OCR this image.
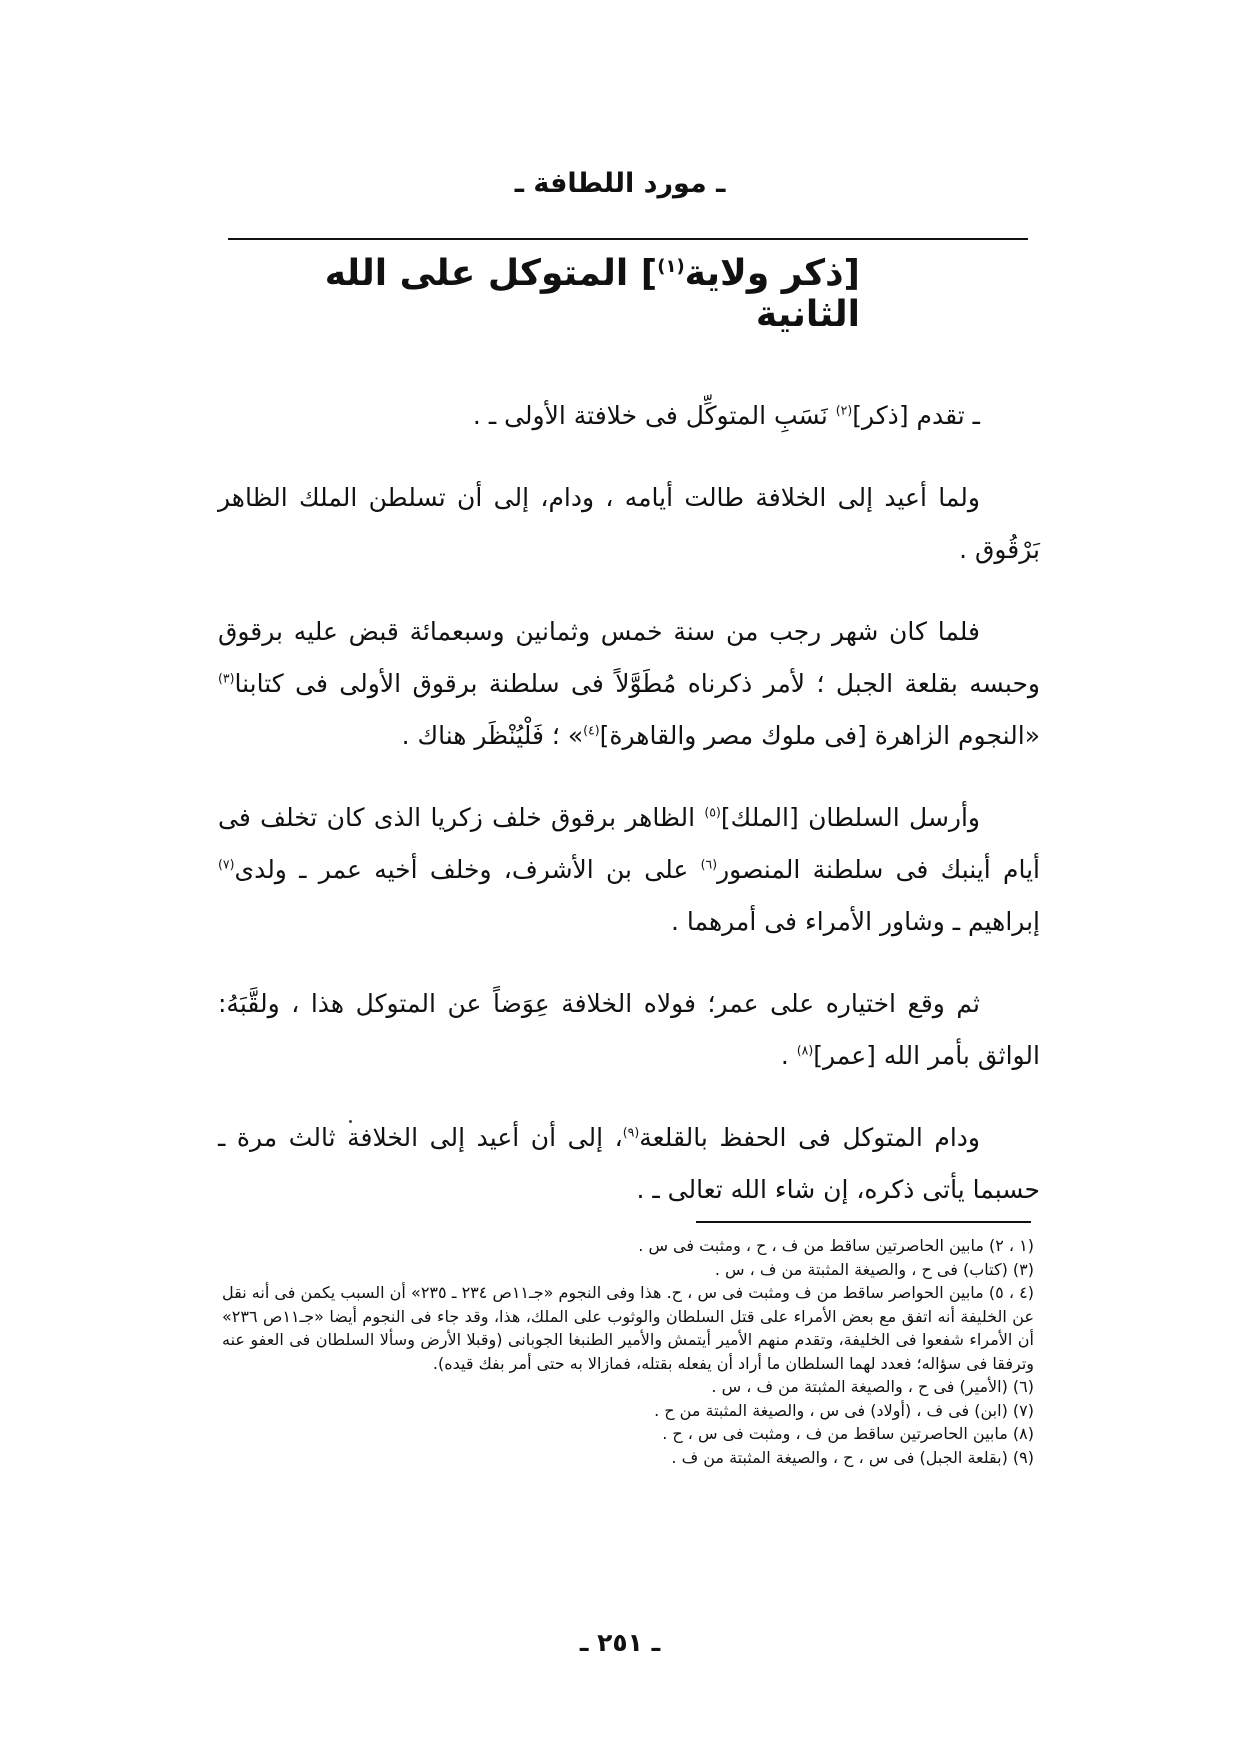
ـ مورد اللطافة ـ
[ذكر ولاية$^{(١)}$] المتوكل على الله الثانية

ـ تقدم [ذكر]$^{(٢)}$ نَسَبِ المتوكِّل فى خلافتة الأولى ـ .

ولما أعيد إلى الخلافة طالت أيامه ، ودام، إلى أن تسلطن الملك الظاهر بَرْقُوق .

فلما كان شهر رجب من سنة خمس وثمانين وسبعمائة قبض عليه برقوق وحبسه بقلعة الجبل ؛ لأمر ذكرناه مُطَوَّلاً فى سلطنة برقوق الأولى فى كتابنا$^{(٣)}$ «النجوم الزاهرة [فى ملوك مصر والقاهرة]$^{(٤)}$» ؛ فَلْيُنْظَر هناك .

وأرسل السلطان [الملك]$^{(٥)}$ الظاهر برقوق خلف زكريا الذى كان تخلف فى أيام أينبك فى سلطنة المنصور$^{(٦)}$ على بن الأشرف، وخلف أخيه عمر ـ ولدى$^{(٧)}$ إبراهيم ـ وشاور الأمراء فى أمرهما .

ثم وقع اختياره على عمر؛ فولاه الخلافة عِوَضاً عن المتوكل هذا ، ولقَّبَهُ: الواثق بأمر الله [عمر]$^{(٨)}$ .

ودام المتوكل فى الحفظ بالقلعة$^{(٩)}$، إلى أن أعيد إلى الخلافة ثالث مرة ـ حسبما يأتى ذكره، إن شاء الله تعالى ـ .

(١ ، ٢) مابين الحاصرتين ساقط من ف ، ح ، ومثبت فى س .

(٣) (كتاب) فى ح ، والصيغة المثبتة من ف ، س .

(٤ ، ٥) مابين الحواصر ساقط من ف ومثبت فى س ، ح. هذا وفى النجوم «جـ١١ص ٢٣٤ ـ ٢٣٥» أن السبب يكمن فى أنه نقل عن الخليفة أنه اتفق مع بعض الأمراء على قتل السلطان والوثوب على الملك، هذا، وقد جاء فى النجوم أيضا «جـ١١ص ٢٣٦» أن الأمراء شفعوا فى الخليفة، وتقدم منهم الأمير أيتمش والأمير الطنبغا الجوبانى (وقبلا الأرض وسألا السلطان فى العفو عنه وترفقا فى سؤاله؛ فعدد لهما السلطان ما أراد أن يفعله بقتله، فمازالا به حتى أمر بفك قيده).

(٦) (الأمير) فى ح ، والصيغة المثبتة من ف ، س .

(٧) (ابن) فى ف ، (أولاد) فى س ، والصيغة المثبتة من ح .

(٨) مابين الحاصرتين ساقط من ف ، ومثبت فى س ، ح .

(٩) (بقلعة الجبل) فى س ، ح ، والصيغة المثبتة من ف .

ـ ٢٥١ ـ
